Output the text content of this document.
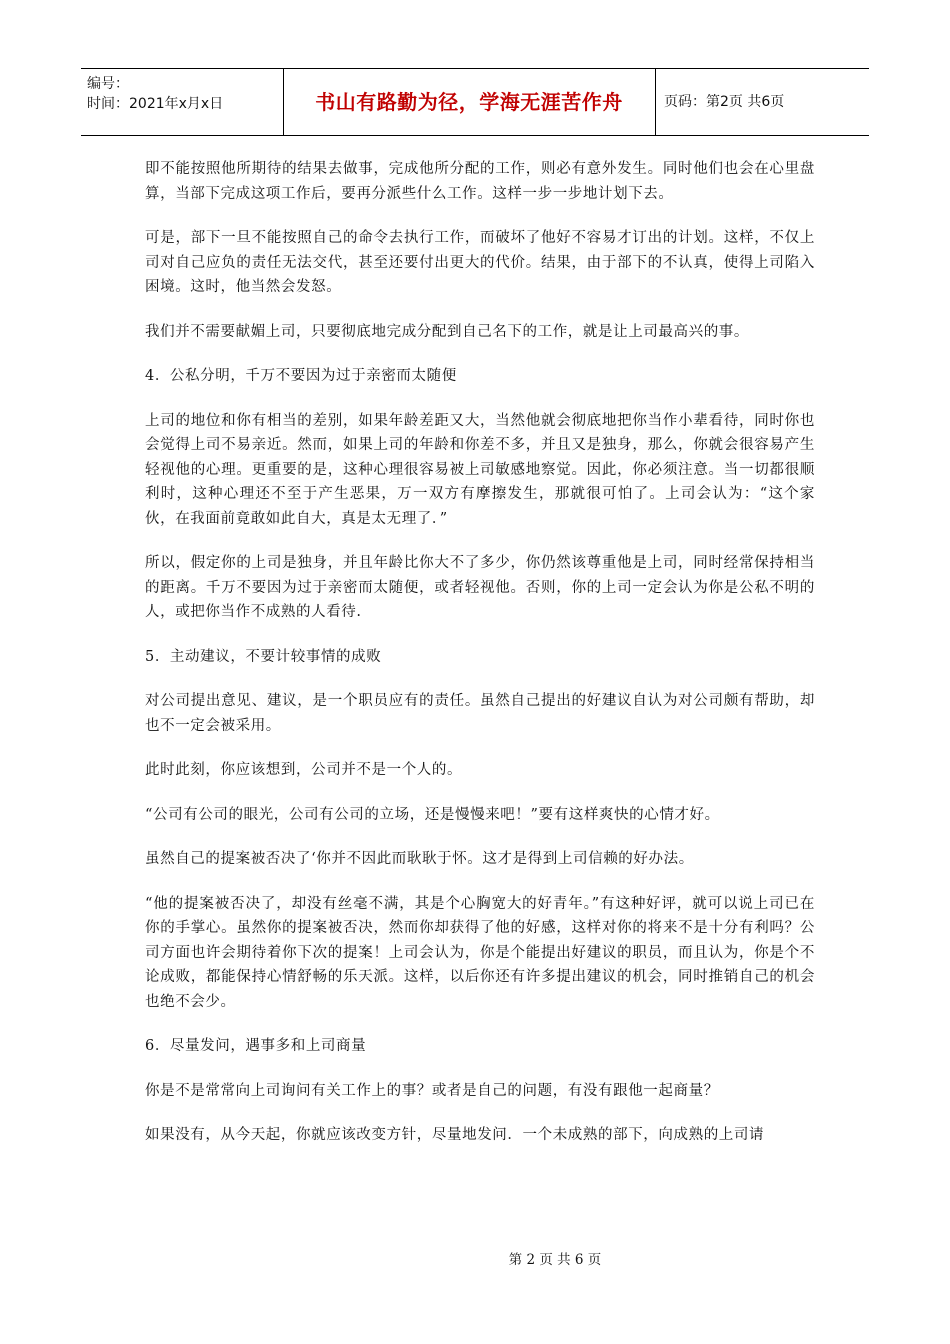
编号：
时间：2021年x月x日	书山有路勤为径，学海无涯苦作舟	页码：第2页 共6页

即不能按照他所期待的结果去做事，完成他所分配的工作，则必有意外发生。同时他们也会在心里盘算，当部下完成这项工作后，要再分派些什么工作。这样一步一步地计划下去。

可是，部下一旦不能按照自己的命令去执行工作，而破坏了他好不容易才订出的计划。这样，不仅上司对自己应负的责任无法交代，甚至还要付出更大的代价。结果，由于部下的不认真，使得上司陷入困境。这时，他当然会发怒。

我们并不需要献媚上司，只要彻底地完成分配到自己名下的工作，就是让上司最高兴的事。

4．公私分明，千万不要因为过于亲密而太随便

上司的地位和你有相当的差别，如果年龄差距又大，当然他就会彻底地把你当作小辈看待，同时你也会觉得上司不易亲近。然而，如果上司的年龄和你差不多，并且又是独身，那么，你就会很容易产生轻视他的心理。更重要的是，这种心理很容易被上司敏感地察觉。因此，你必须注意。当一切都很顺利时，这种心理还不至于产生恶果，万一双方有摩擦发生，那就很可怕了。上司会认为：“这个家伙，在我面前竟敢如此自大，真是太无理了．”

所以，假定你的上司是独身，并且年龄比你大不了多少，你仍然该尊重他是上司，同时经常保持相当的距离。千万不要因为过于亲密而太随便，或者轻视他。否则，你的上司一定会认为你是公私不明的人，或把你当作不成熟的人看待.

5．主动建议，不要计较事情的成败

对公司提出意见、建议，是一个职员应有的责任。虽然自己提出的好建议自认为对公司颇有帮助，却也不一定会被采用。

此时此刻，你应该想到，公司并不是一个人的。

“公司有公司的眼光，公司有公司的立场，还是慢慢来吧！”要有这样爽快的心情才好。

虽然自己的提案被否决了‘你并不因此而耿耿于怀。这才是得到上司信赖的好办法。

“他的提案被否决了，却没有丝毫不满，其是个心胸宽大的好青年。”有这种好评，就可以说上司已在你的手掌心。虽然你的提案被否决，然而你却获得了他的好感，这样对你的将来不是十分有利吗？公司方面也许会期待着你下次的提案！上司会认为，你是个能提出好建议的职员，而且认为，你是个不论成败，都能保持心情舒畅的乐天派。这样，以后你还有许多提出建议的机会，同时推销自己的机会也绝不会少。

6．尽量发问，遇事多和上司商量

你是不是常常向上司询问有关工作上的事？或者是自己的问题，有没有跟他一起商量？

如果没有，从今天起，你就应该改变方针，尽量地发问．一个未成熟的部下，向成熟的上司请

第 2 页 共 6 页
